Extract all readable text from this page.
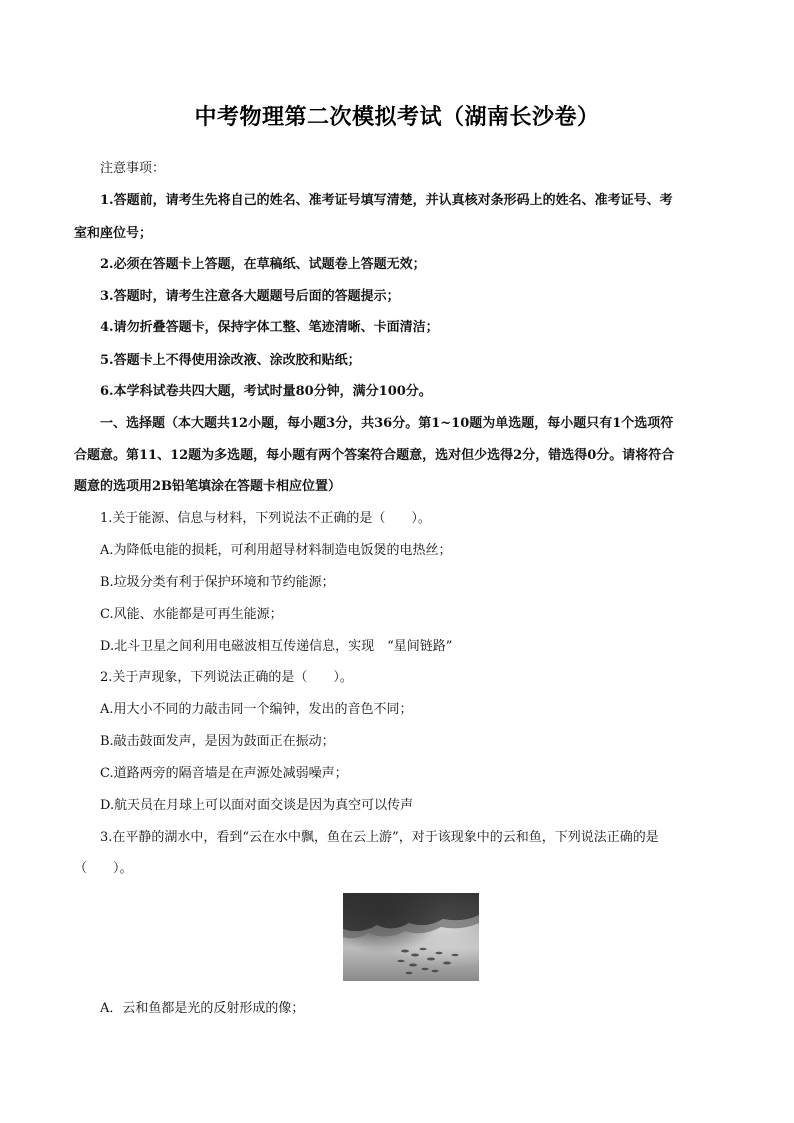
中考物理第二次模拟考试（湖南长沙卷）
注意事项：
1.答题前，请考生先将自己的姓名、准考证号填写清楚，并认真核对条形码上的姓名、准考证号、考
室和座位号；
2.必须在答题卡上答题，在草稿纸、试题卷上答题无效；
3.答题时，请考生注意各大题题号后面的答题提示；
4.请勿折叠答题卡，保持字体工整、笔迹清晰、卡面清洁；
5.答题卡上不得使用涂改液、涂改胶和贴纸；
6.本学科试卷共四大题，考试时量80分钟，满分100分。
一、选择题（本大题共12小题，每小题3分，共36分。第1~10题为单选题，每小题只有1个选项符
合题意。第11、12题为多选题，每小题有两个答案符合题意，选对但少选得2分，错选得0分。请将符合
题意的选项用2B铅笔填涂在答题卡相应位置）
1.关于能源、信息与材料，下列说法不正确的是（　　）。
A.为降低电能的损耗，可利用超导材料制造电饭煲的电热丝；
B.垃圾分类有利于保护环境和节约能源；
C.风能、水能都是可再生能源；
D.北斗卫星之间利用电磁波相互传递信息，实现　“星间链路”
2.关于声现象，下列说法正确的是（　　）。
A.用大小不同的力敲击同一个编钟，发出的音色不同；
B.敲击鼓面发声，是因为鼓面正在振动；
C.道路两旁的隔音墙是在声源处减弱噪声；
D.航天员在月球上可以面对面交谈是因为真空可以传声
3.在平静的湖水中，看到“云在水中飘，鱼在云上游”，对于该现象中的云和鱼，下列说法正确的是
（　　）。
A．云和鱼都是光的反射形成的像；
